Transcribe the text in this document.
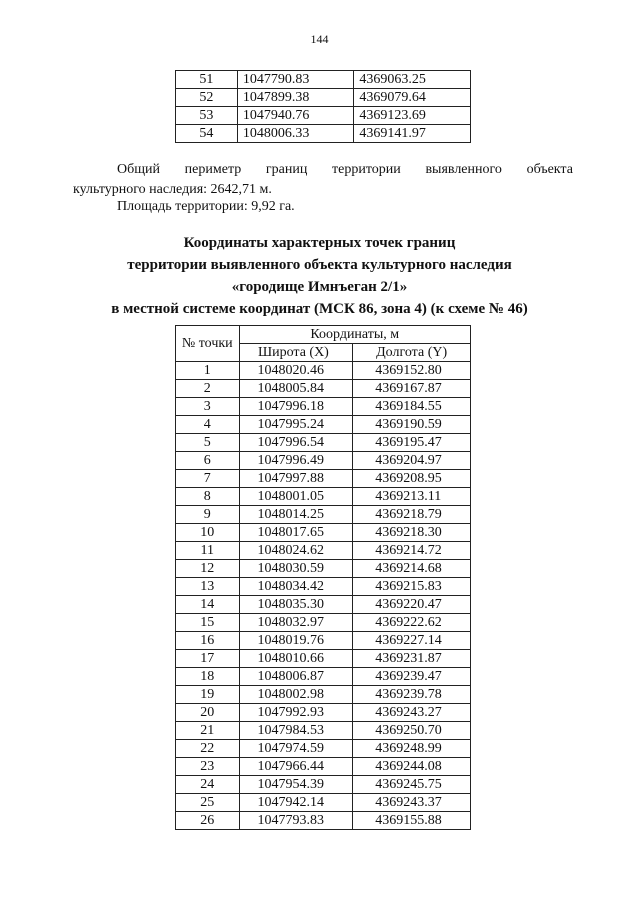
144
51	1047790.83	4369063.25
52	1047899.38	4369079.64
53	1047940.76	4369123.69
54	1048006.33	4369141.97
Общий периметр границ территории выявленного объекта
культурного наследия: 2642,71 м.
Площадь территории: 9,92 га.
Координаты характерных точек границ
территории выявленного объекта культурного наследия
«городище Имнъеган 2/1»
в местной системе координат (МСК 86, зона 4) (к схеме № 46)
№ точки	Координаты, м	
	Широта (X)	Долгота (Y)
1	1048020.46	4369152.80
2	1048005.84	4369167.87
3	1047996.18	4369184.55
4	1047995.24	4369190.59
5	1047996.54	4369195.47
6	1047996.49	4369204.97
7	1047997.88	4369208.95
8	1048001.05	4369213.11
9	1048014.25	4369218.79
10	1048017.65	4369218.30
11	1048024.62	4369214.72
12	1048030.59	4369214.68
13	1048034.42	4369215.83
14	1048035.30	4369220.47
15	1048032.97	4369222.62
16	1048019.76	4369227.14
17	1048010.66	4369231.87
18	1048006.87	4369239.47
19	1048002.98	4369239.78
20	1047992.93	4369243.27
21	1047984.53	4369250.70
22	1047974.59	4369248.99
23	1047966.44	4369244.08
24	1047954.39	4369245.75
25	1047942.14	4369243.37
26	1047793.83	4369155.88
